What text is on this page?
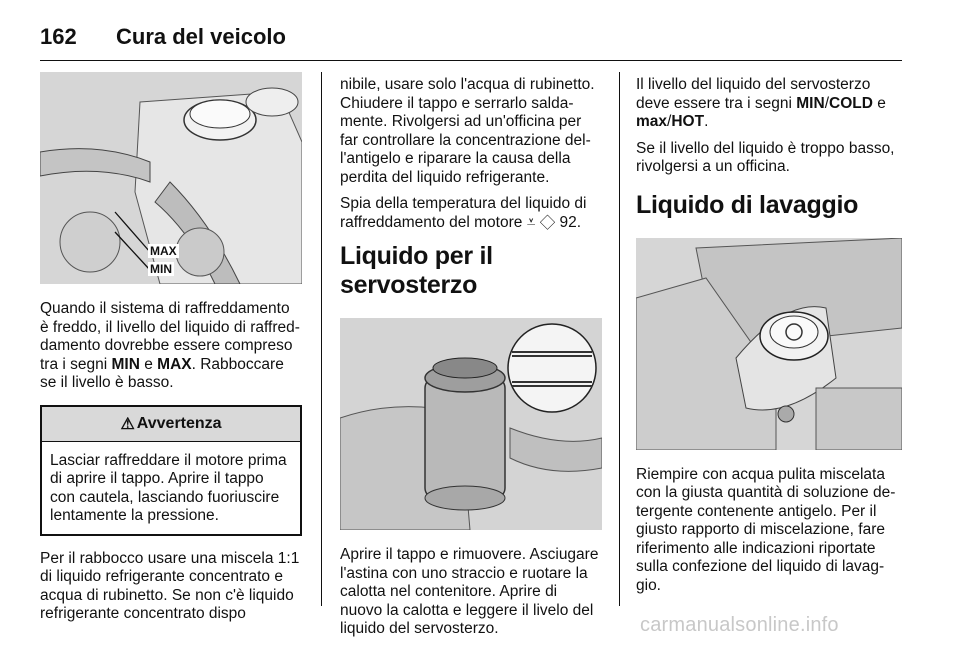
162 Cura del veicolo
MAX
MIN

Quando il sistema di raffreddamento è freddo, il livello del liquido di raffreddamento dovrebbe essere compreso tra i segni MIN e MAX. Rabboccare se il livello è basso.

⚠ Avvertenza
Lasciar raffreddare il motore prima di aprire il tappo. Aprire il tappo con cautela, lasciando fuoriuscire lentamente la pressione.

Per il rabbocco usare una miscela 1:1 di liquido refrigerante concentrato e acqua di rubinetto. Se non c'è liquido refrigerante concentrato dispo

nibile, usare solo l'acqua di rubinetto. Chiudere il tappo e serrarlo saldamente. Rivolgersi ad un'officina per far controllare la concentrazione dell'antigelo e riparare la causa della perdita del liquido refrigerante.

Spia della temperatura del liquido di raffreddamento del motore ⩡ ◇ 92.

Liquido per il servosterzo

Aprire il tappo e rimuovere. Asciugare l'astina con uno straccio e ruotare la calotta nel contenitore. Aprire di nuovo la calotta e leggere il livelo del liquido del servosterzo.

Il livello del liquido del servosterzo deve essere tra i segni MIN/COLD e max/HOT.

Se il livello del liquido è troppo basso, rivolgersi a un officina.

Liquido di lavaggio

Riempire con acqua pulita miscelata con la giusta quantità di soluzione detergente contenente antigelo. Per il giusto rapporto di miscelazione, fare riferimento alle indicazioni riportate sulla confezione del liquido di lavaggio.

carmanualsonline.info
